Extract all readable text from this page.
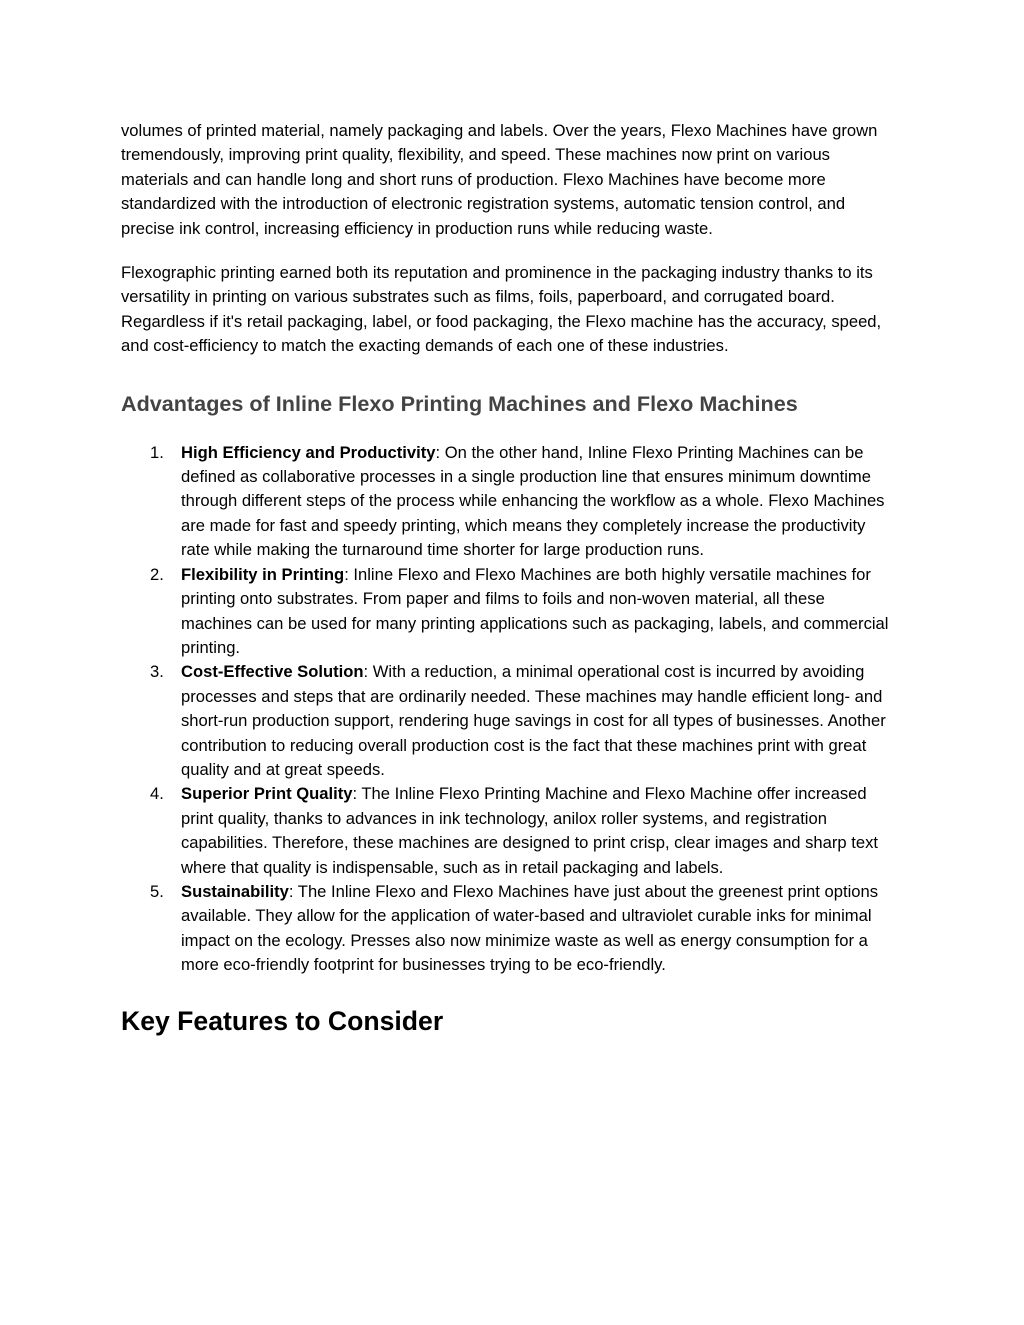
volumes of printed material, namely packaging and labels. Over the years, Flexo Machines have grown tremendously, improving print quality, flexibility, and speed. These machines now print on various materials and can handle long and short runs of production. Flexo Machines have become more standardized with the introduction of electronic registration systems, automatic tension control, and precise ink control, increasing efficiency in production runs while reducing waste.

Flexographic printing earned both its reputation and prominence in the packaging industry thanks to its versatility in printing on various substrates such as films, foils, paperboard, and corrugated board. Regardless if it's retail packaging, label, or food packaging, the Flexo machine has the accuracy, speed, and cost-efficiency to match the exacting demands of each one of these industries.

Advantages of Inline Flexo Printing Machines and Flexo Machines
1. High Efficiency and Productivity: On the other hand, Inline Flexo Printing Machines can be defined as collaborative processes in a single production line that ensures minimum downtime through different steps of the process while enhancing the workflow as a whole. Flexo Machines are made for fast and speedy printing, which means they completely increase the productivity rate while making the turnaround time shorter for large production runs.
2. Flexibility in Printing: Inline Flexo and Flexo Machines are both highly versatile machines for printing onto substrates. From paper and films to foils and non-woven material, all these machines can be used for many printing applications such as packaging, labels, and commercial printing.
3. Cost-Effective Solution: With a reduction, a minimal operational cost is incurred by avoiding processes and steps that are ordinarily needed. These machines may handle efficient long- and short-run production support, rendering huge savings in cost for all types of businesses. Another contribution to reducing overall production cost is the fact that these machines print with great quality and at great speeds.
4. Superior Print Quality: The Inline Flexo Printing Machine and Flexo Machine offer increased print quality, thanks to advances in ink technology, anilox roller systems, and registration capabilities. Therefore, these machines are designed to print crisp, clear images and sharp text where that quality is indispensable, such as in retail packaging and labels.
5. Sustainability: The Inline Flexo and Flexo Machines have just about the greenest print options available. They allow for the application of water-based and ultraviolet curable inks for minimal impact on the ecology. Presses also now minimize waste as well as energy consumption for a more eco-friendly footprint for businesses trying to be eco-friendly.
Key Features to Consider
